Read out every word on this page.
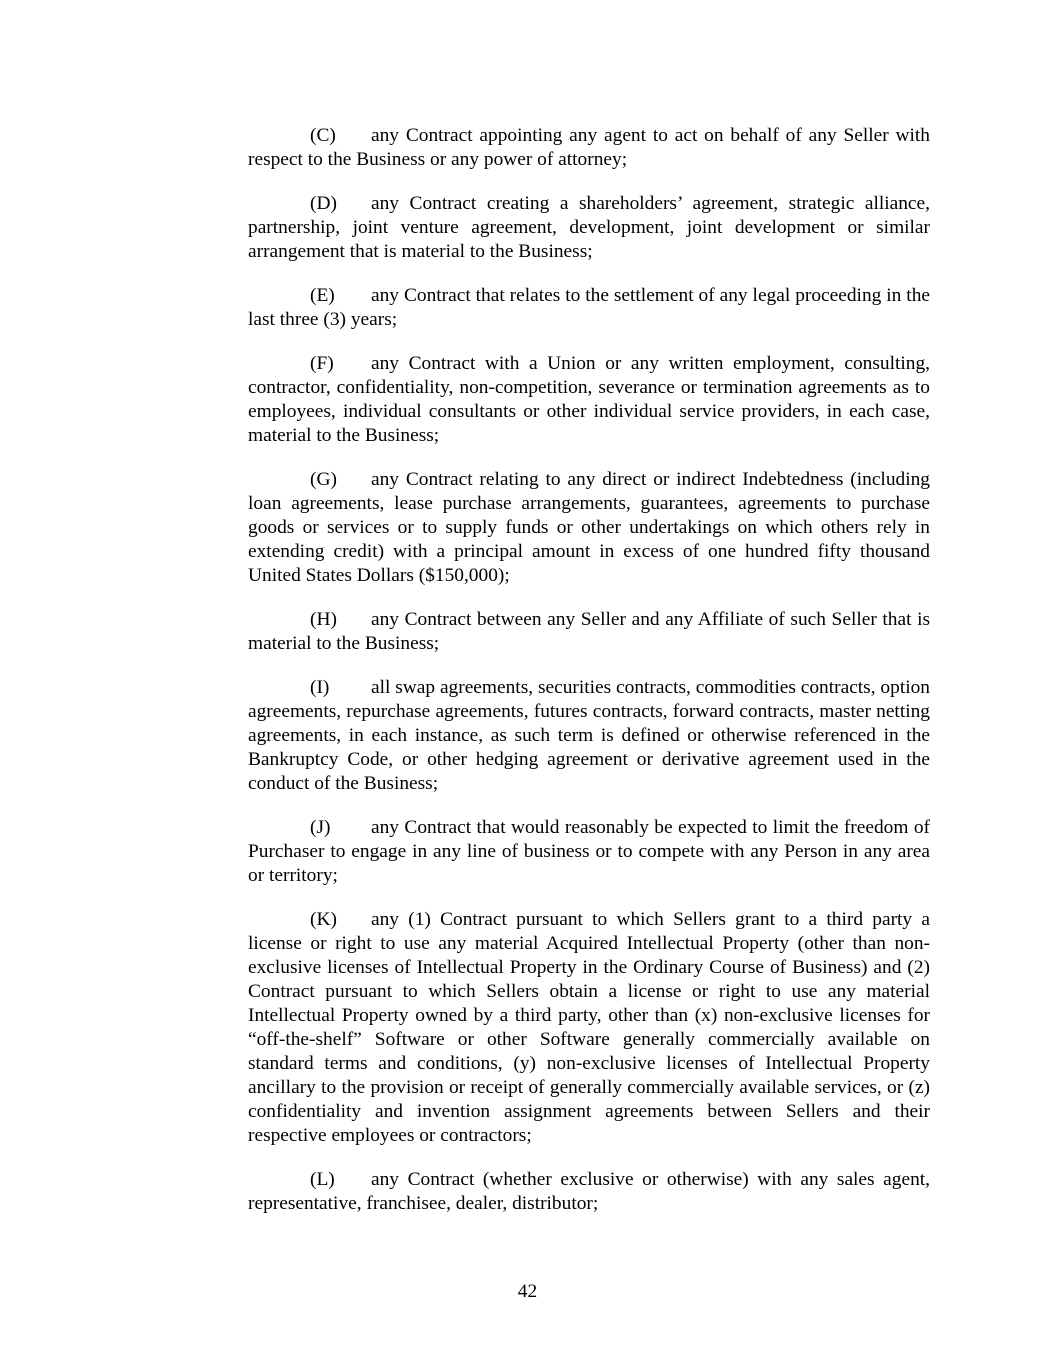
(C) any Contract appointing any agent to act on behalf of any Seller with respect to the Business or any power of attorney;

(D) any Contract creating a shareholders’ agreement, strategic alliance, partnership, joint venture agreement, development, joint development or similar arrangement that is material to the Business;

(E) any Contract that relates to the settlement of any legal proceeding in the last three (3) years;

(F) any Contract with a Union or any written employment, consulting, contractor, confidentiality, non-competition, severance or termination agreements as to employees, individual consultants or other individual service providers, in each case, material to the Business;

(G) any Contract relating to any direct or indirect Indebtedness (including loan agreements, lease purchase arrangements, guarantees, agreements to purchase goods or services or to supply funds or other undertakings on which others rely in extending credit) with a principal amount in excess of one hundred fifty thousand United States Dollars ($150,000);

(H) any Contract between any Seller and any Affiliate of such Seller that is material to the Business;

(I) all swap agreements, securities contracts, commodities contracts, option agreements, repurchase agreements, futures contracts, forward contracts, master netting agreements, in each instance, as such term is defined or otherwise referenced in the Bankruptcy Code, or other hedging agreement or derivative agreement used in the conduct of the Business;

(J) any Contract that would reasonably be expected to limit the freedom of Purchaser to engage in any line of business or to compete with any Person in any area or territory;

(K) any (1) Contract pursuant to which Sellers grant to a third party a license or right to use any material Acquired Intellectual Property (other than non-exclusive licenses of Intellectual Property in the Ordinary Course of Business) and (2) Contract pursuant to which Sellers obtain a license or right to use any material Intellectual Property owned by a third party, other than (x) non-exclusive licenses for “off-the-shelf” Software or other Software generally commercially available on standard terms and conditions, (y) non-exclusive licenses of Intellectual Property ancillary to the provision or receipt of generally commercially available services, or (z) confidentiality and invention assignment agreements between Sellers and their respective employees or contractors;

(L) any Contract (whether exclusive or otherwise) with any sales agent, representative, franchisee, dealer, distributor;

42
